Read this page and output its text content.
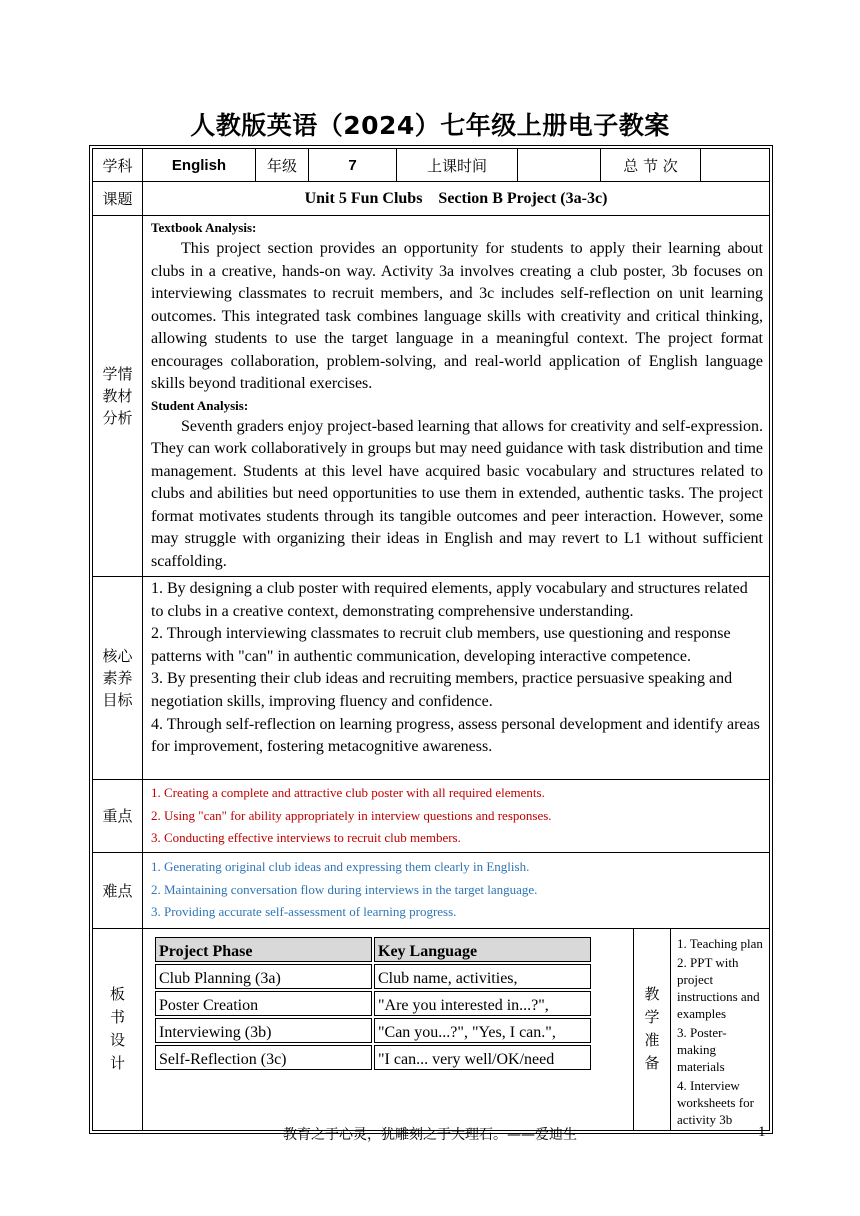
人教版英语（2024）七年级上册电子教案
学科	English	年级	7	上课时间		总 节 次	
课题	Unit 5 Fun Clubs    Section B Project (3a-3c)

学情
教材
分析

Textbook Analysis:
This project section provides an opportunity for students to apply their learning about clubs in a creative, hands-on way. Activity 3a involves creating a club poster, 3b focuses on interviewing classmates to recruit members, and 3c includes self-reflection on unit learning outcomes. This integrated task combines language skills with creativity and critical thinking, allowing students to use the target language in a meaningful context. The project format encourages collaboration, problem-solving, and real-world application of English language skills beyond traditional exercises.
Student Analysis:
Seventh graders enjoy project-based learning that allows for creativity and self-expression. They can work collaboratively in groups but may need guidance with task distribution and time management. Students at this level have acquired basic vocabulary and structures related to clubs and abilities but need opportunities to use them in extended, authentic tasks. The project format motivates students through its tangible outcomes and peer interaction. However, some may struggle with organizing their ideas in English and may revert to L1 without sufficient scaffolding.

核心
素养
目标

1. By designing a club poster with required elements, apply vocabulary and structures related to clubs in a creative context, demonstrating comprehensive understanding.
2. Through interviewing classmates to recruit club members, use questioning and response patterns with "can" in authentic communication, developing interactive competence.
3. By presenting their club ideas and recruiting members, practice persuasive speaking and negotiation skills, improving fluency and confidence.
4. Through self-reflection on learning progress, assess personal development and identify areas for improvement, fostering metacognitive awareness.

重点	
1. Creating a complete and attractive club poster with all required elements.
2. Using "can" for ability appropriately in interview questions and responses.
3. Conducting effective interviews to recruit club members.

难点	
1. Generating original club ideas and expressing them clearly in English.
2. Maintaining conversation flow during interviews in the target language.
3. Providing accurate self-assessment of learning progress.

板
书
设
计

Project Phase	Key Language
Club Planning (3a)	Club name, activities,
Poster Creation	"Are you interested in...?",
Interviewing (3b)	"Can you...?", "Yes, I can.",
Self-Reflection (3c)	"I can... very well/OK/need

教
学
准
备

1. Teaching plan
2. PPT with project instructions and examples
3. Poster-making materials
4. Interview worksheets for activity 3b
教育之于心灵，犹雕刻之于大理石。——爱迪生	1
